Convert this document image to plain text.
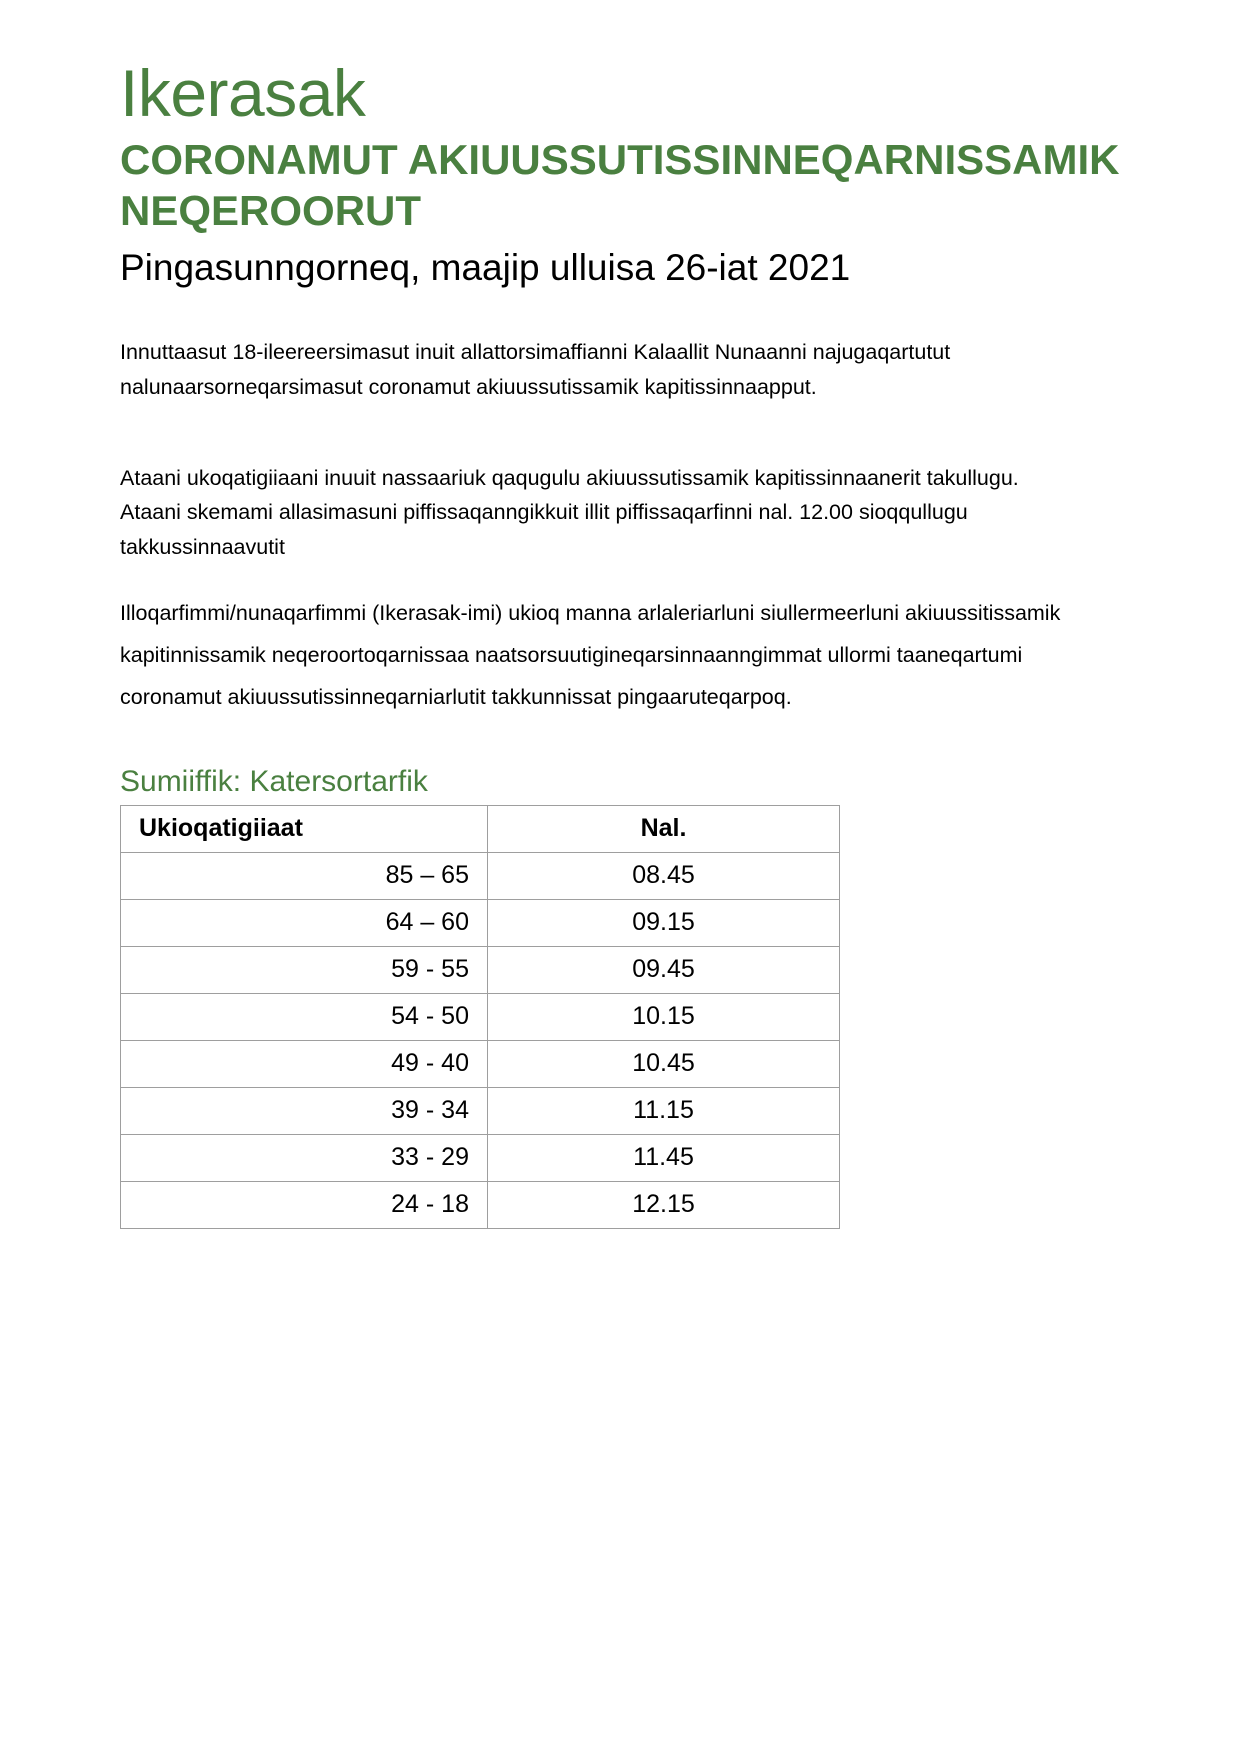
Ikerasak
CORONAMUT AKIUUSSUTISSINNEQARNISSAMIK NEQEROORUT
Pingasunngorneq, maajip ulluisa 26-iat 2021

Innuttaasut 18-ileereersimasut inuit allattorsimaffianni Kalaallit Nunaanni najugaqartutut nalunaarsorneqarsimasut coronamut akiuussutissamik kapitissinnaapput.

Ataani ukoqatigiiaani inuuit nassaariuk qaqugulu akiuussutissamik kapitissinnaanerit takullugu. Ataani skemami allasimasuni piffissaqanngikkuit illit piffissaqarfinni nal. 12.00 sioqqullugu takkussinnaavutit

Illoqarfimmi/nunaqarfimmi (Ikerasak-imi) ukioq manna arlaleriarluni siullermeerluni akiuussitissamik kapitinnissamik neqeroortoqarnissaa naatsorsuutigineqarsinnaanngimmat ullormi taaneqartumi coronamut akiuussutissinneqarniarlutit takkunnissat pingaaruteqarpoq.

Sumiiffik: Katersortarfik
Ukioqatigiiaat	Nal.
85 – 65	08.45
64 – 60	09.15
59 - 55	09.45
54 - 50	10.15
49 - 40	10.45
39 - 34	11.15
33 - 29	11.45
24 - 18	12.15
